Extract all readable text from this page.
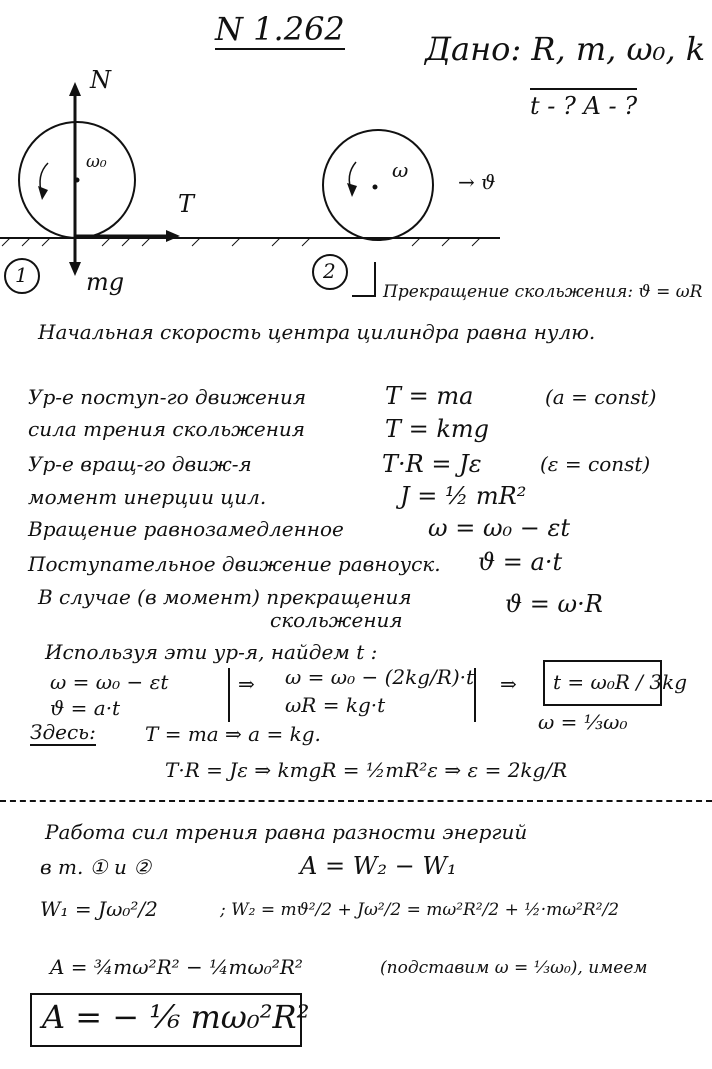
N 1.262
Дано: R, m, ω₀, k
t - ? A - ?
N
ω₀
T
ω → ϑ
mg
1	2
Прекращение скольжения: ϑ = ωR
Начальная скорость центра цилиндра равна нулю.
Ур-е поступ-го движения	T = ma	(a = const)
сила трения скольжения	T = kmg
Ур-е вращ-го движ-я	T·R = Jε	(ε = const)
момент инерции цил.	J = ½ mR²
Вращение равнозамедленное	ω = ω₀ − εt
Поступательное движение равноуск. ϑ = a·t
В случае (в момент) прекращения
скольжения
ϑ = ω·R
Используя эти ур-я, найдем t :
ω = ω₀ − εt
ϑ = a·t
⇒ ω = ω₀ − (2kg/R)·t
ωR = kg·t
⇒ t = ω₀R / 3kg
ω = ⅓ω₀
Здесь: T = ma ⇒ a = kg.
T·R = Jε ⇒ kmgR = ½mR²ε ⇒ ε = 2kg/R
Работа сил трения равна разности энергий
в т. ① и ②	A = W₂ − W₁
W₁ = Jω₀²/2	; W₂ = mϑ²/2 + Jω²/2 = mω²R²/2 + ½·mω²R²/2
A = ¾mω²R² − ¼mω₀²R²	(подставим ω = ⅓ω₀), имеем
A = − ⅙ mω₀²R²
